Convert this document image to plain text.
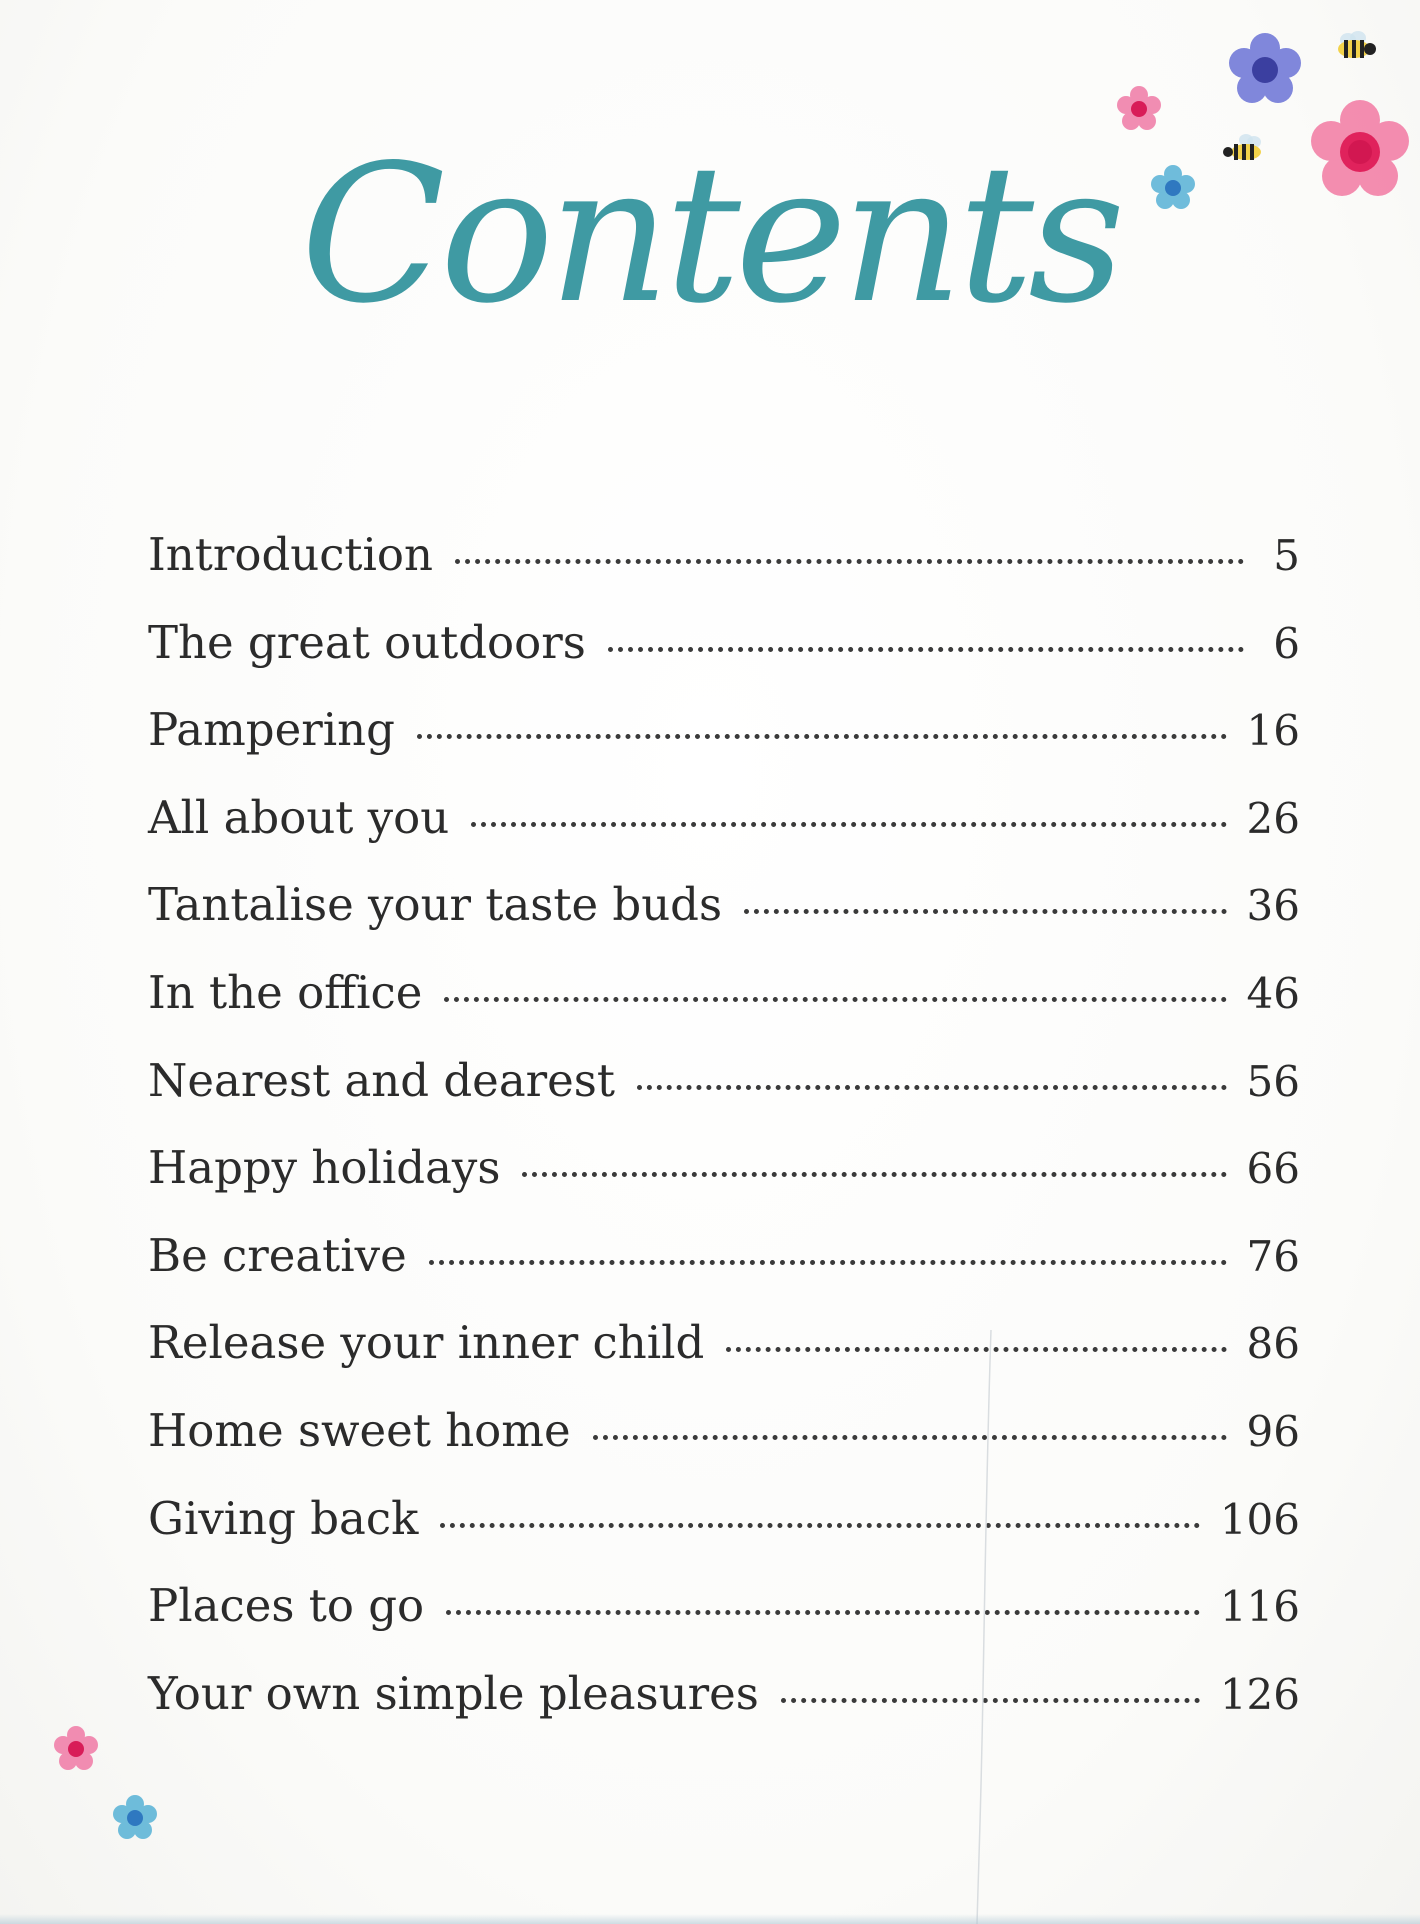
Contents
Introduction	5
The great outdoors	6
Pampering	16
All about you	26
Tantalise your taste buds	36
In the office	46
Nearest and dearest	56
Happy holidays	66
Be creative	76
Release your inner child	86
Home sweet home	96
Giving back	106
Places to go	116
Your own simple pleasures	126
